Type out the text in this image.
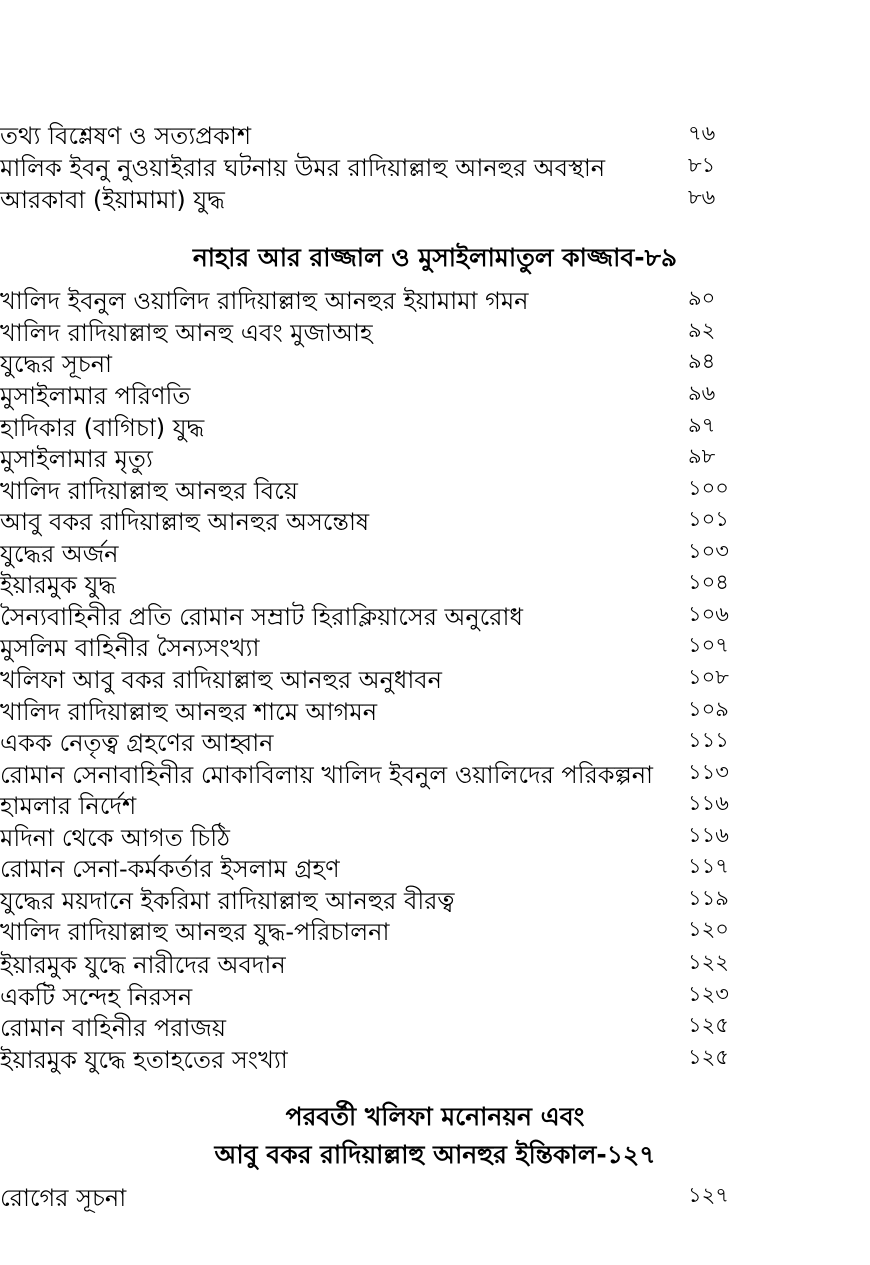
তথ্য বিশ্লেষণ ও সত্যপ্রকাশ	৭৬
মালিক ইবনু নুওয়াইরার ঘটনায় উমর রাদিয়াল্লাহু আনহুর অবস্থান	৮১
আরকাবা (ইয়ামামা) যুদ্ধ	৮৬
নাহার আর রাজ্জাল ও মুসাইলামাতুল কাজ্জাব-৮৯
খালিদ ইবনুল ওয়ালিদ রাদিয়াল্লাহু আনহুর ইয়ামামা গমন	৯০
খালিদ রাদিয়াল্লাহু আনহু এবং মুজাআহ	৯২
যুদ্ধের সূচনা	৯৪
মুসাইলামার পরিণতি	৯৬
হাদিকার (বাগিচা) যুদ্ধ	৯৭
মুসাইলামার মৃত্যু	৯৮
খালিদ রাদিয়াল্লাহু আনহুর বিয়ে	১০০
আবু বকর রাদিয়াল্লাহু আনহুর অসন্তোষ	১০১
যুদ্ধের অর্জন	১০৩
ইয়ারমুক যুদ্ধ	১০৪
সৈন্যবাহিনীর প্রতি রোমান সম্রাট হিরাক্লিয়াসের অনুরোধ	১০৬
মুসলিম বাহিনীর সৈন্যসংখ্যা	১০৭
খলিফা আবু বকর রাদিয়াল্লাহু আনহুর অনুধাবন	১০৮
খালিদ রাদিয়াল্লাহু আনহুর শামে আগমন	১০৯
একক নেতৃত্ব গ্রহণের আহ্বান	১১১
রোমান সেনাবাহিনীর মোকাবিলায় খালিদ ইবনুল ওয়ালিদের পরিকল্পনা	১১৩
হামলার নির্দেশ	১১৬
মদিনা থেকে আগত চিঠি	১১৬
রোমান সেনা-কর্মকর্তার ইসলাম গ্রহণ	১১৭
যুদ্ধের ময়দানে ইকরিমা রাদিয়াল্লাহু আনহুর বীরত্ব	১১৯
খালিদ রাদিয়াল্লাহু আনহুর যুদ্ধ-পরিচালনা	১২০
ইয়ারমুক যুদ্ধে নারীদের অবদান	১২২
একটি সন্দেহ নিরসন	১২৩
রোমান বাহিনীর পরাজয়	১২৫
ইয়ারমুক যুদ্ধে হতাহতের সংখ্যা	১২৫
পরবর্তী খলিফা মনোনয়ন এবং
আবু বকর রাদিয়াল্লাহু আনহুর ইন্তিকাল-১২৭
রোগের সূচনা	১২৭
